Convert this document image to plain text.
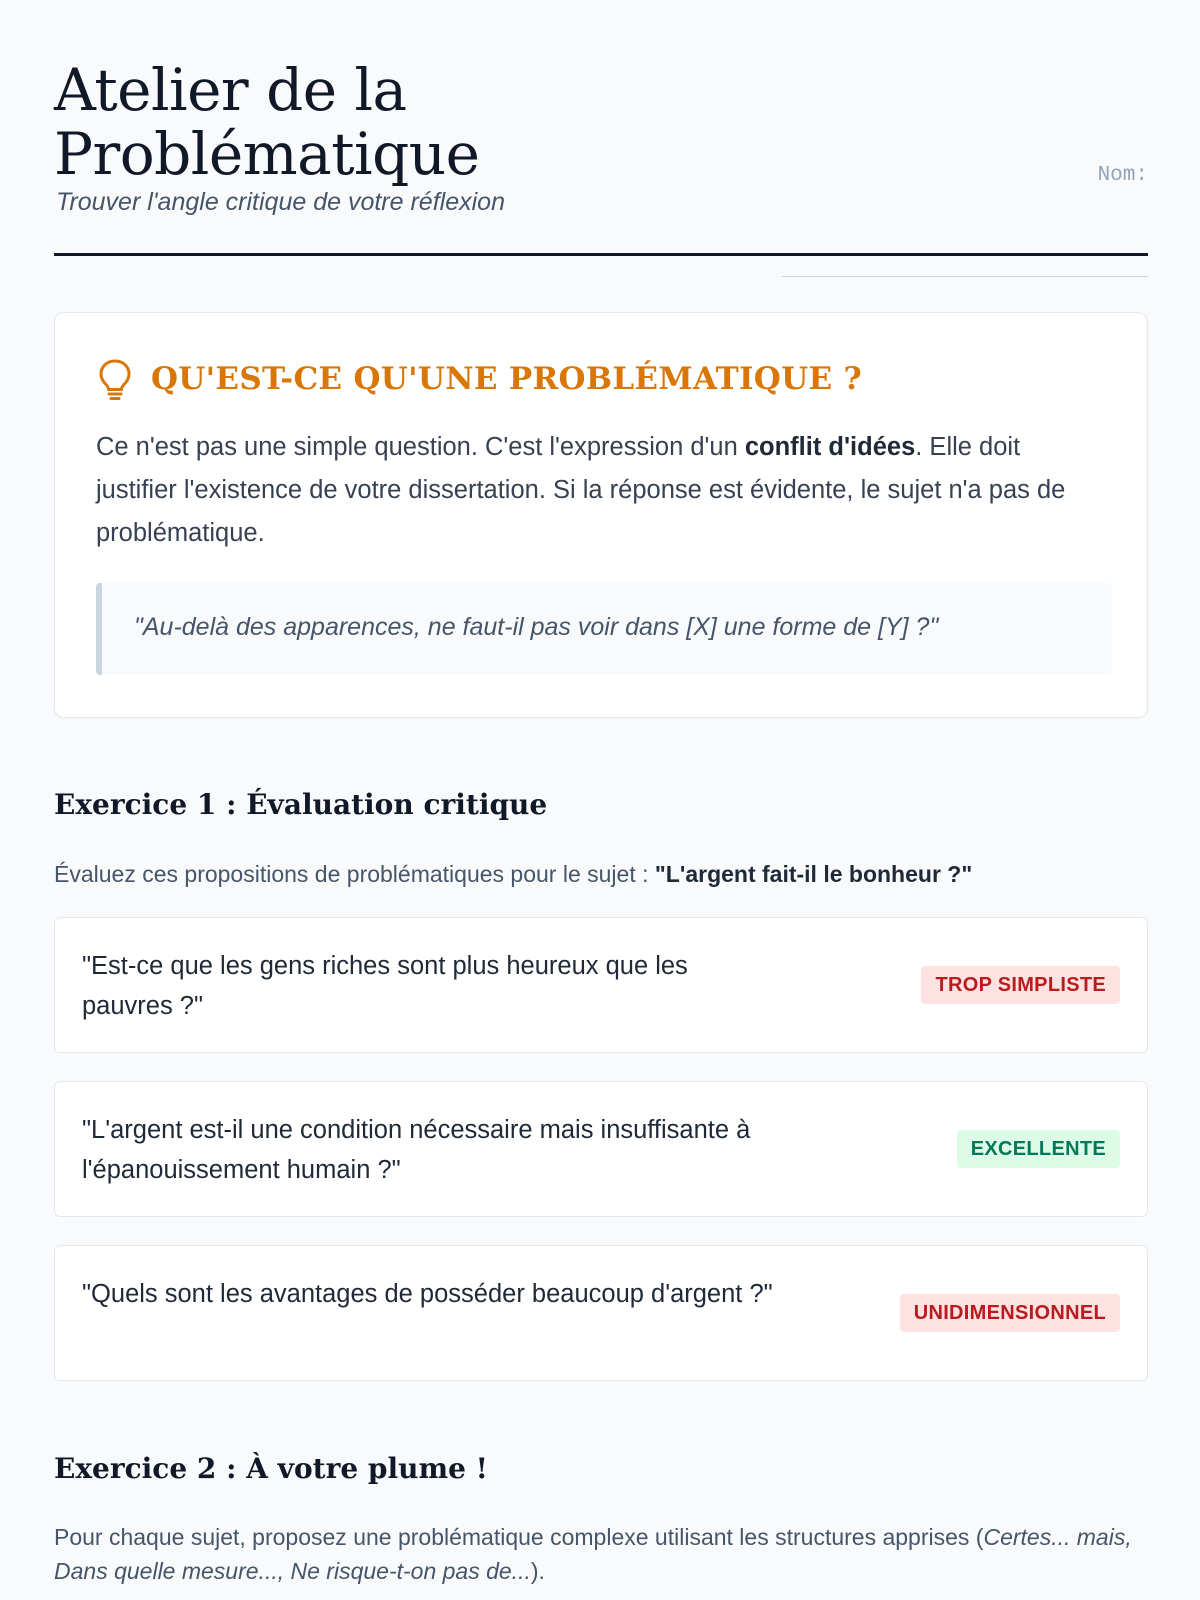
Atelier de la
Problématique
Trouver l'angle critique de votre réflexion
Nom:
QU'EST-CE QU'UNE PROBLÉMATIQUE ?
Ce n'est pas une simple question. C'est l'expression d'un conflit d'idées. Elle doit justifier l'existence de votre dissertation. Si la réponse est évidente, le sujet n'a pas de problématique.
"Au-delà des apparences, ne faut-il pas voir dans [X] une forme de [Y] ?"
Exercice 1 : Évaluation critique
Évaluez ces propositions de problématiques pour le sujet : "L'argent fait-il le bonheur ?"
"Est-ce que les gens riches sont plus heureux que les pauvres ?"
TROP SIMPLISTE
"L'argent est-il une condition nécessaire mais insuffisante à l'épanouissement humain ?"
EXCELLENTE
"Quels sont les avantages de posséder beaucoup d'argent ?"
UNIDIMENSIONNEL
Exercice 2 : À votre plume !
Pour chaque sujet, proposez une problématique complexe utilisant les structures apprises (Certes... mais, Dans quelle mesure..., Ne risque-t-on pas de...).
